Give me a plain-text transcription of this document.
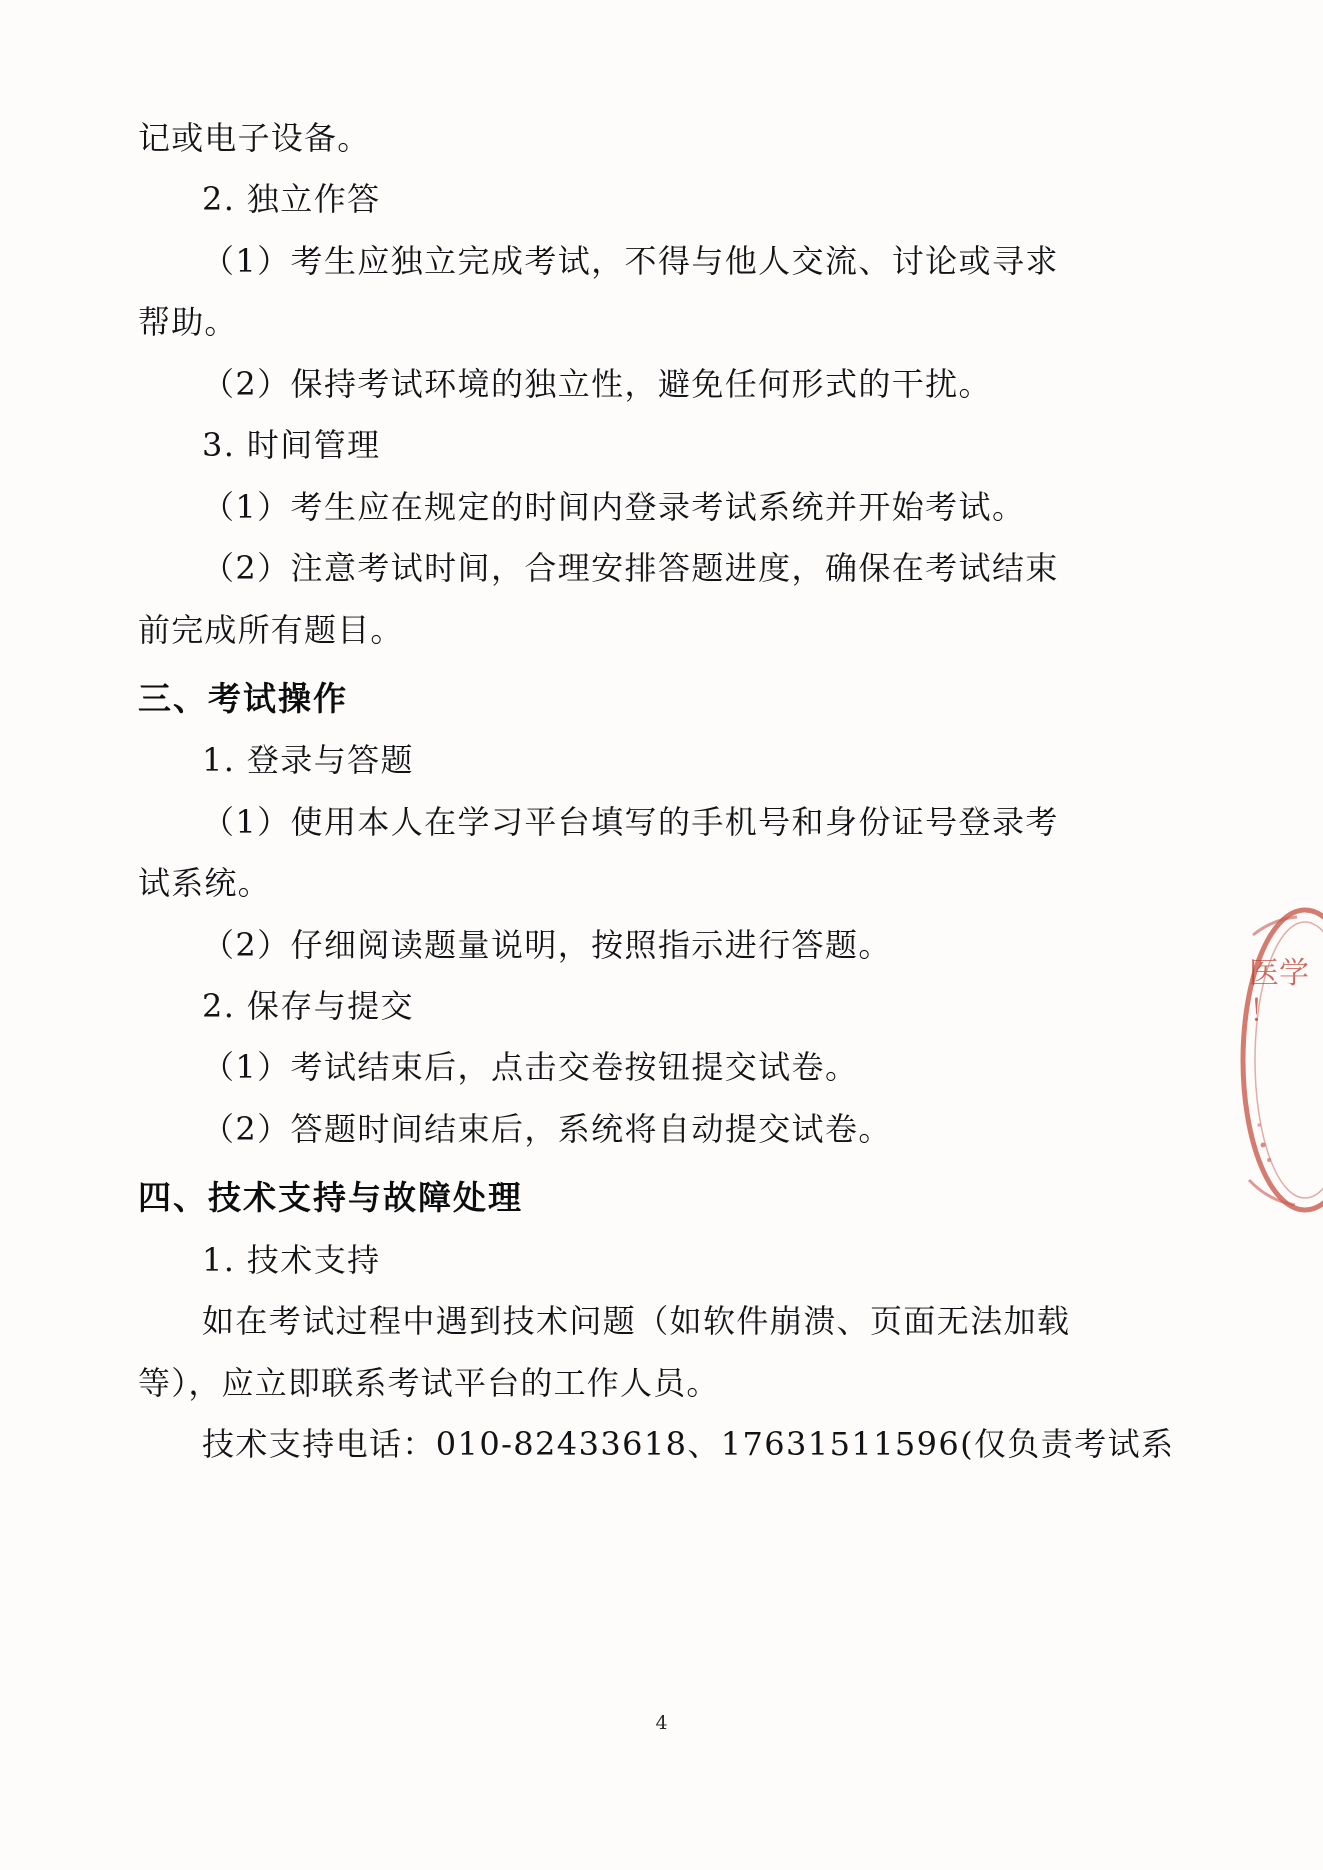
记或电子设备。

2. 独立作答

（1）考生应独立完成考试，不得与他人交流、讨论或寻求

帮助。

（2）保持考试环境的独立性，避免任何形式的干扰。

3. 时间管理

（1）考生应在规定的时间内登录考试系统并开始考试。

（2）注意考试时间，合理安排答题进度，确保在考试结束

前完成所有题目。

三、考试操作

1. 登录与答题

（1）使用本人在学习平台填写的手机号和身份证号登录考

试系统。

（2）仔细阅读题量说明，按照指示进行答题。

2. 保存与提交

（1）考试结束后，点击交卷按钮提交试卷。

（2）答题时间结束后，系统将自动提交试卷。

四、技术支持与故障处理

1. 技术支持

如在考试过程中遇到技术问题（如软件崩溃、页面无法加载

等），应立即联系考试平台的工作人员。

技术支持电话：010-82433618、17631511596(仅负责考试系

医学
！
4
